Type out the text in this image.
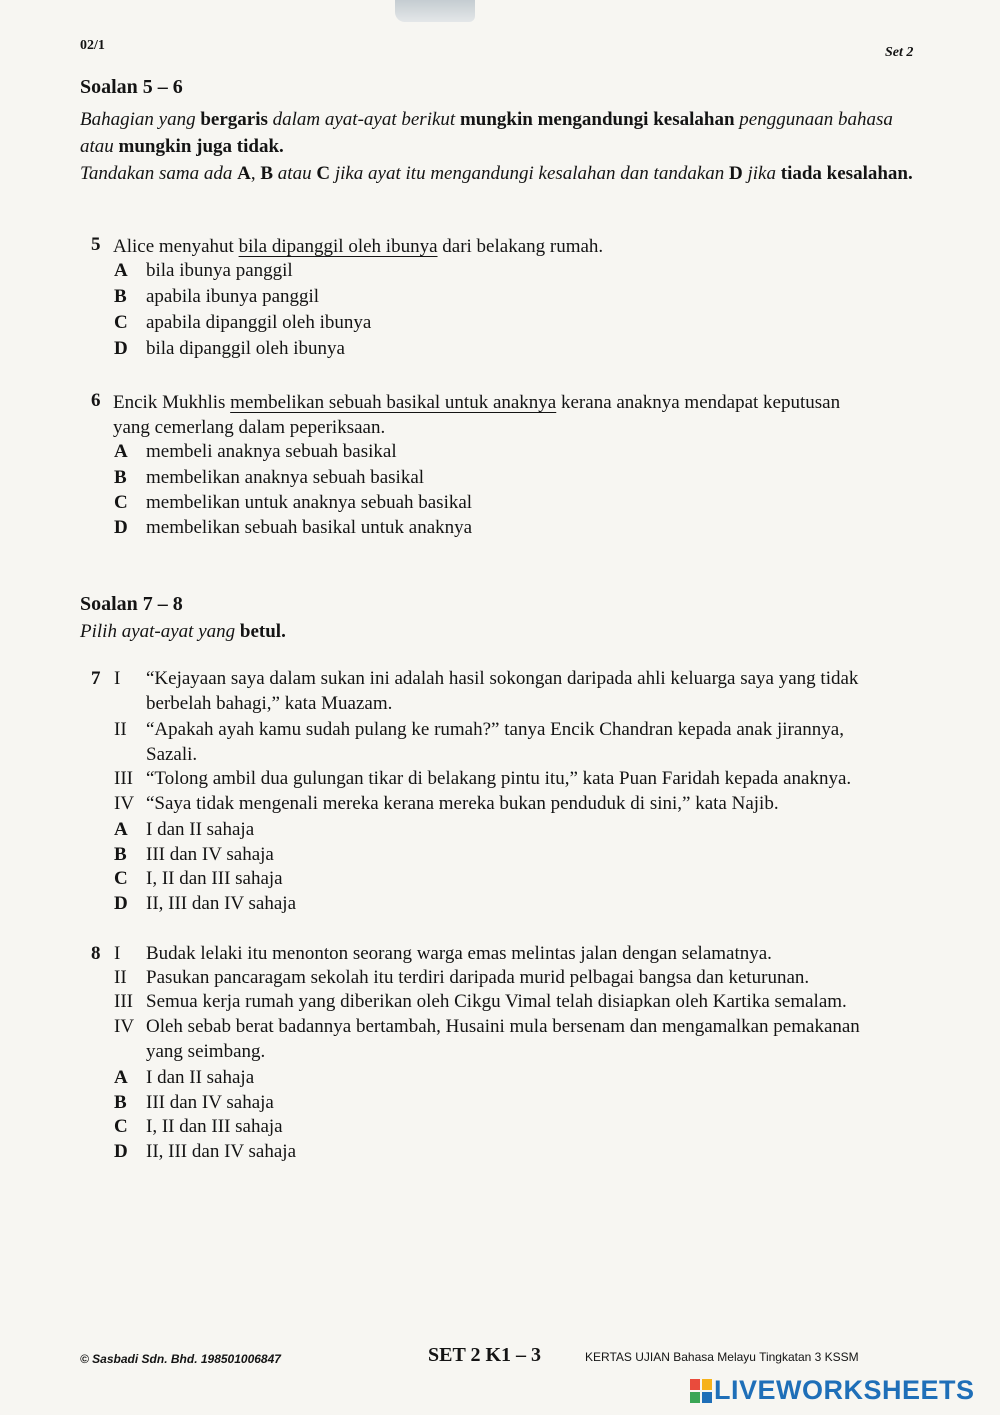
02/1	Set 2
Soalan 5 – 6
Bahagian yang bergaris dalam ayat-ayat berikut mungkin mengandungi kesalahan penggunaan bahasa atau mungkin juga tidak.
Tandakan sama ada A, B atau C jika ayat itu mengandungi kesalahan dan tandakan D jika tiada kesalahan.
5 Alice menyahut bila dipanggil oleh ibunya dari belakang rumah.
A bila ibunya panggil
B apabila ibunya panggil
C apabila dipanggil oleh ibunya
D bila dipanggil oleh ibunya
6 Encik Mukhlis membelikan sebuah basikal untuk anaknya kerana anaknya mendapat keputusan
yang cemerlang dalam peperiksaan.
A membeli anaknya sebuah basikal
B membelikan anaknya sebuah basikal
C membelikan untuk anaknya sebuah basikal
D membelikan sebuah basikal untuk anaknya
Soalan 7 – 8
Pilih ayat-ayat yang betul.
7 I “Kejayaan saya dalam sukan ini adalah hasil sokongan daripada ahli keluarga saya yang tidak
berbelah bahagi,” kata Muazam.
II “Apakah ayah kamu sudah pulang ke rumah?” tanya Encik Chandran kepada anak jirannya,
Sazali.
III “Tolong ambil dua gulungan tikar di belakang pintu itu,” kata Puan Faridah kepada anaknya.
IV “Saya tidak mengenali mereka kerana mereka bukan penduduk di sini,” kata Najib.
A I dan II sahaja
B III dan IV sahaja
C I, II dan III sahaja
D II, III dan IV sahaja
8 I Budak lelaki itu menonton seorang warga emas melintas jalan dengan selamatnya.
II Pasukan pancaragam sekolah itu terdiri daripada murid pelbagai bangsa dan keturunan.
III Semua kerja rumah yang diberikan oleh Cikgu Vimal telah disiapkan oleh Kartika semalam.
IV Oleh sebab berat badannya bertambah, Husaini mula bersenam dan mengamalkan pemakanan
yang seimbang.
A I dan II sahaja
B III dan IV sahaja
C I, II dan III sahaja
D II, III dan IV sahaja
© Sasbadi Sdn. Bhd. 198501006847	SET 2 K1 – 3	KERTAS UJIAN Bahasa Melayu Tingkatan 3 KSSM
LIVEWORKSHEETS
